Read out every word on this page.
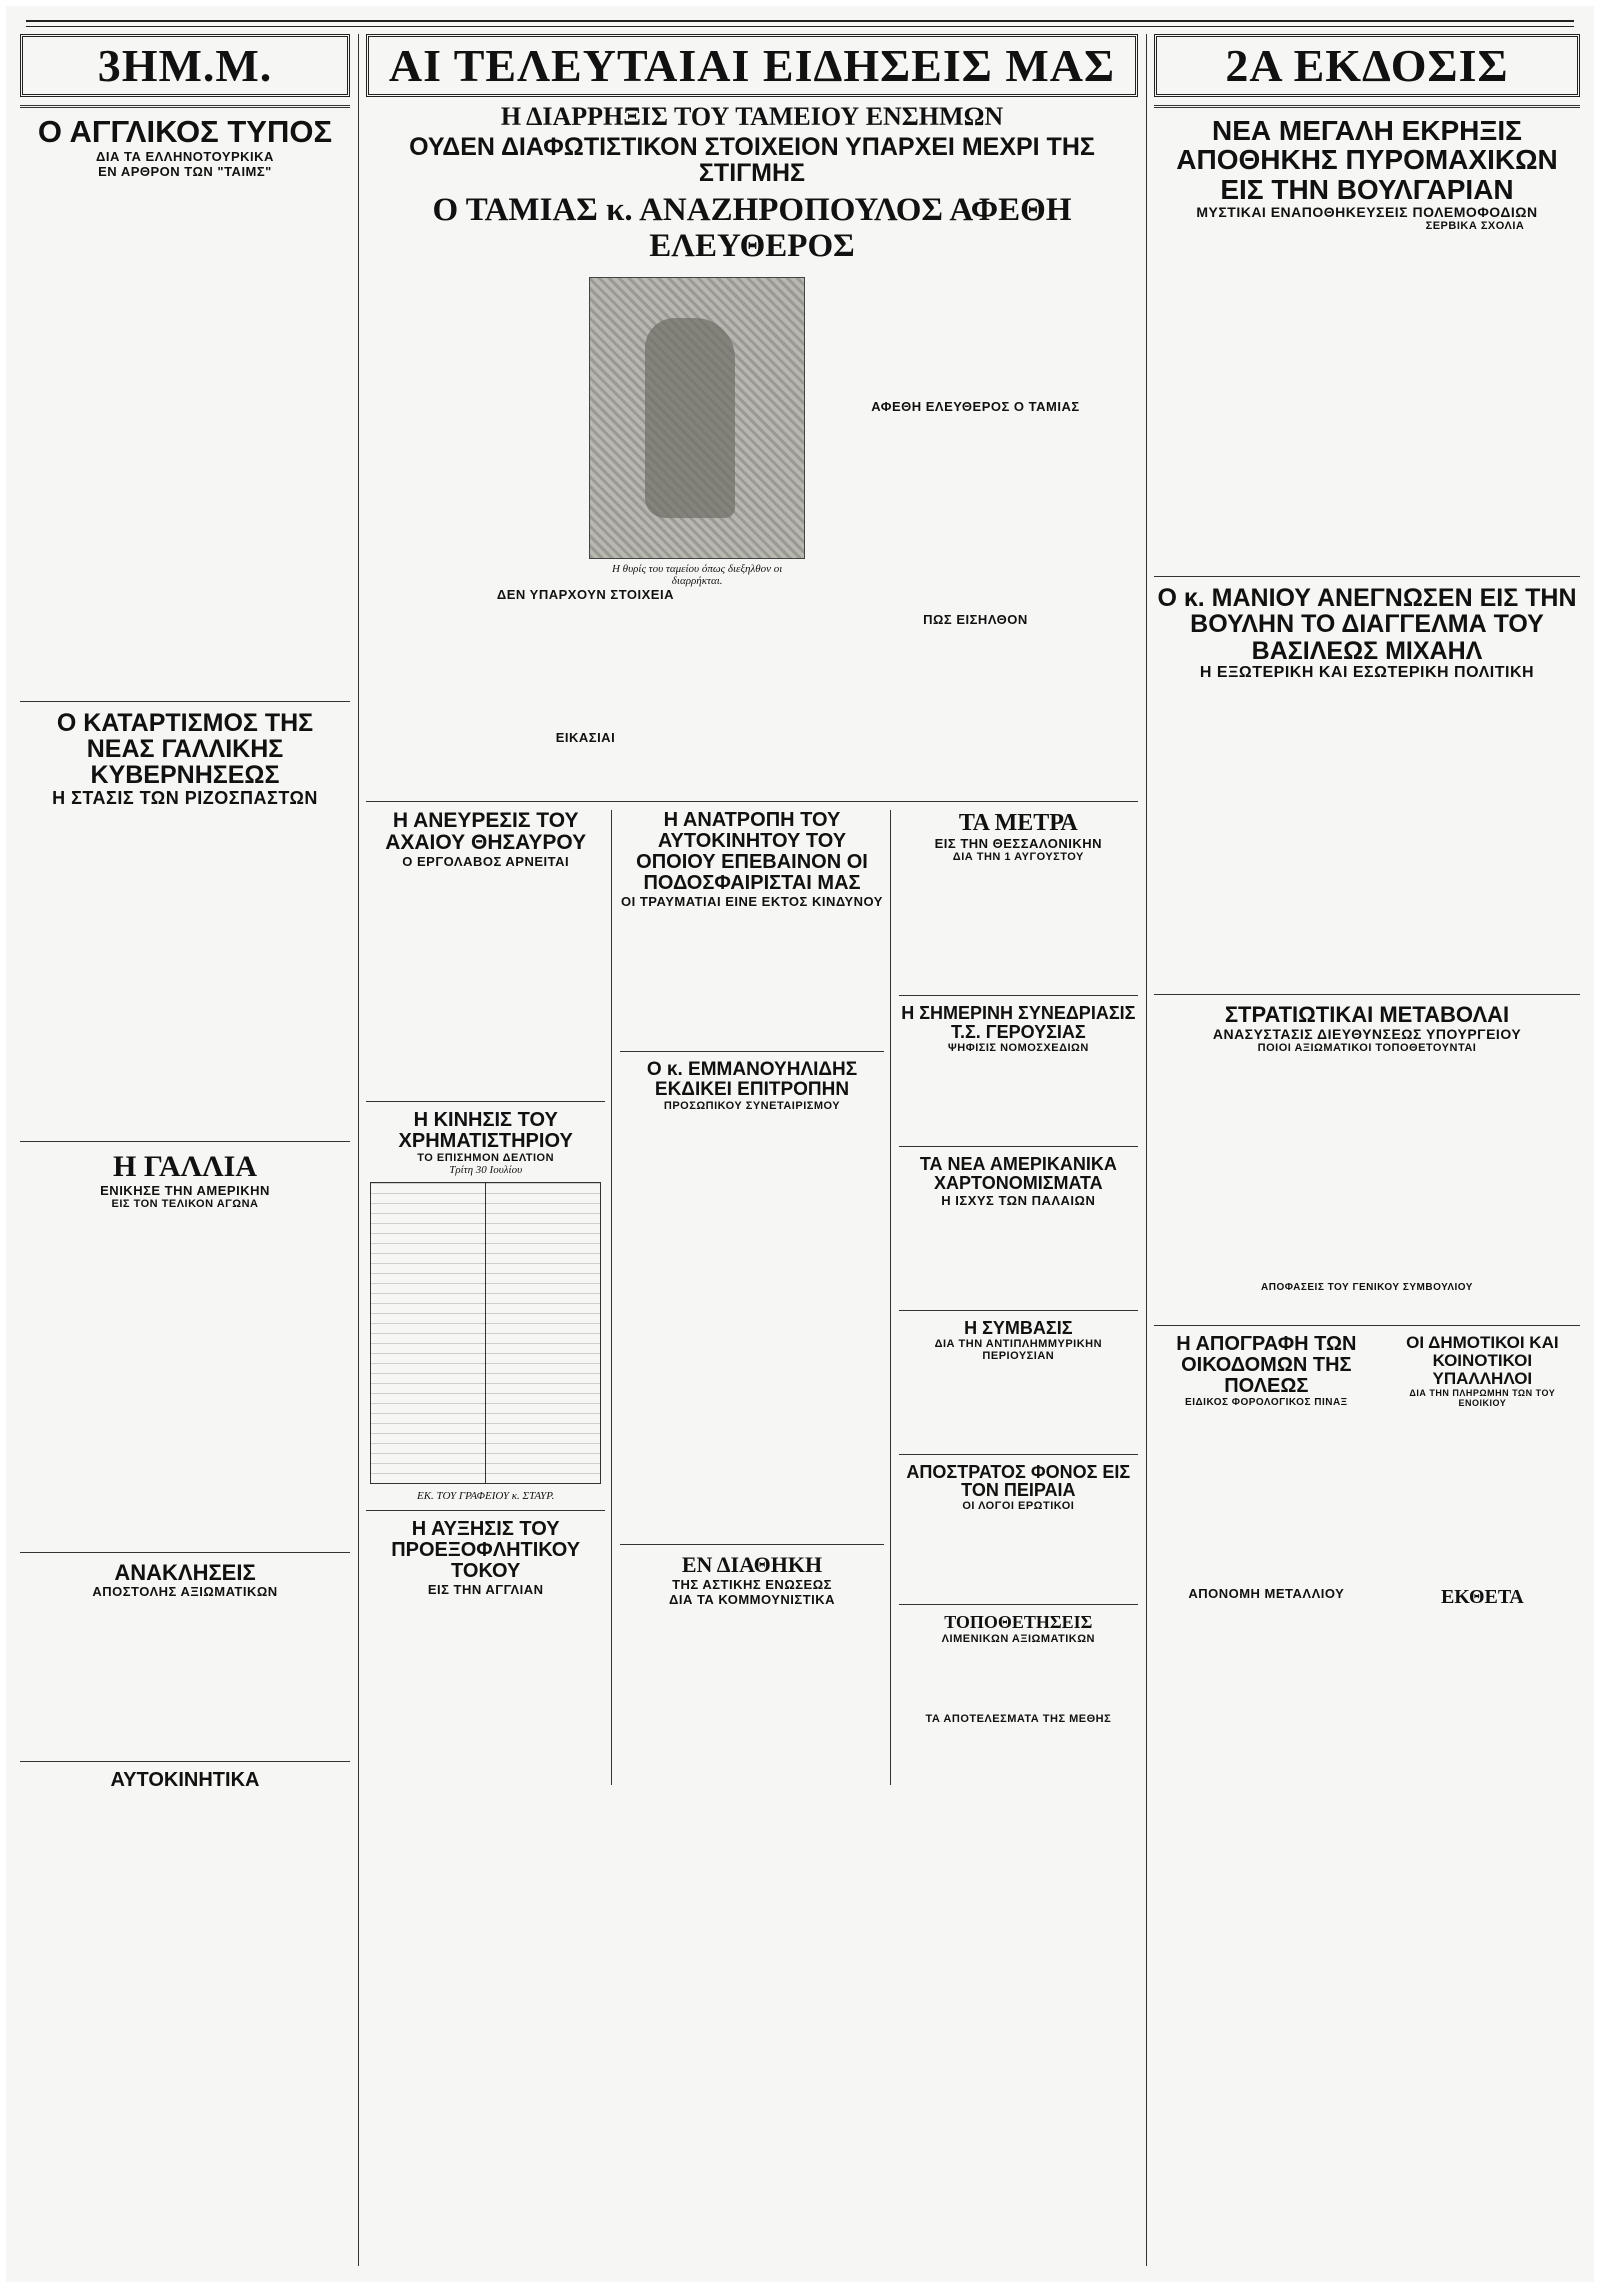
3ΗΜ.Μ.
Ο ΑΓΓΛΙΚΟΣ ΤΥΠΟΣ
ΔΙΑ ΤΑ ΕΛΛΗΝΟΤΟΥΡΚΙΚΑ
ΕΝ ΑΡΘΡΟΝ ΤΩΝ "ΤΑΙΜΣ"
Ο ΚΑΤΑΡΤΙΣΜΟΣ ΤΗΣ ΝΕΑΣ ΓΑΛΛΙΚΗΣ ΚΥΒΕΡΝΗΣΕΩΣ
Η ΣΤΑΣΙΣ ΤΩΝ ΡΙΖΟΣΠΑΣΤΩΝ
Η ΓΑΛΛΙΑ
ΕΝΙΚΗΣΕ ΤΗΝ ΑΜΕΡΙΚΗΝ
ΕΙΣ ΤΟΝ ΤΕΛΙΚΟΝ ΑΓΩΝΑ
ΑΝΑΚΛΗΣΕΙΣ
ΑΠΟΣΤΟΛΗΣ ΑΞΙΩΜΑΤΙΚΩΝ
ΑΥΤΟΚΙΝΗΤΙΚΑ
ΑΙ ΤΕΛΕΥΤΑΙΑΙ ΕΙΔΗΣΕΙΣ ΜΑΣ
Η ΔΙΑΡΡΗΞΙΣ ΤΟΥ ΤΑΜΕΙΟΥ ΕΝΣΗΜΩΝ
ΟΥΔΕΝ ΔΙΑΦΩΤΙΣΤΙΚΟΝ ΣΤΟΙΧΕΙΟΝ ΥΠΑΡΧΕΙ ΜΕΧΡΙ ΤΗΣ ΣΤΙΓΜΗΣ
Ο ΤΑΜΙΑΣ κ. ΑΝΑΖΗΡΟΠΟΥΛΟΣ ΑΦΕΘΗ ΕΛΕΥΘΕΡΟΣ
Η θυρίς του ταμείου όπως διεξηλθον οι διαρρήκται.
ΔΕΝ ΥΠΑΡΧΟΥΝ ΣΤΟΙΧΕΙΑ
ΕΙΚΑΣΙΑΙ
ΑΦΕΘΗ ΕΛΕΥΘΕΡΟΣ Ο ΤΑΜΙΑΣ
ΠΩΣ ΕΙΣΗΛΘΟΝ
Η ΑΝΕΥΡΕΣΙΣ ΤΟΥ ΑΧΑΙΟΥ ΘΗΣΑΥΡΟΥ
Ο ΕΡΓΟΛΑΒΟΣ ΑΡΝΕΙΤΑΙ
Η ΚΙΝΗΣΙΣ ΤΟΥ ΧΡΗΜΑΤΙΣΤΗΡΙΟΥ
ΤΟ ΕΠΙΣΗΜΟΝ ΔΕΛΤΙΟΝ
Τρίτη 30 Ιουλίου
ΕΚ. ΤΟΥ ΓΡΑΦΕΙΟΥ κ. ΣΤΑΥΡ.
Η ΑΥΞΗΣΙΣ ΤΟΥ ΠΡΟΕΞΟΦΛΗΤΙΚΟΥ ΤΟΚΟΥ
ΕΙΣ ΤΗΝ ΑΓΓΛΙΑΝ
Η ΑΝΑΤΡΟΠΗ ΤΟΥ ΑΥΤΟΚΙΝΗΤΟΥ ΤΟΥ ΟΠΟΙΟΥ ΕΠΕΒΑΙΝΟΝ ΟΙ ΠΟΔΟΣΦΑΙΡΙΣΤΑΙ ΜΑΣ
ΟΙ ΤΡΑΥΜΑΤΙΑΙ ΕΙΝΕ ΕΚΤΟΣ ΚΙΝΔΥΝΟΥ
Ο κ. ΕΜΜΑΝΟΥΗΛΙΔΗΣ ΕΚΔΙΚΕΙ ΕΠΙΤΡΟΠΗΝ
ΠΡΟΣΩΠΙΚΟΥ ΣΥΝΕΤΑΙΡΙΣΜΟΥ
ΕΝ ΔΙΑΘΗΚΗ
ΤΗΣ ΑΣΤΙΚΗΣ ΕΝΩΣΕΩΣ
ΔΙΑ ΤΑ ΚΟΜΜΟΥΝΙΣΤΙΚΑ
ΤΑ ΜΕΤΡΑ
ΕΙΣ ΤΗΝ ΘΕΣΣΑΛΟΝΙΚΗΝ
ΔΙΑ ΤΗΝ 1 ΑΥΓΟΥΣΤΟΥ
Η ΣΗΜΕΡΙΝΗ ΣΥΝΕΔΡΙΑΣΙΣ Τ.Σ. ΓΕΡΟΥΣΙΑΣ
ΨΗΦΙΣΙΣ ΝΟΜΟΣΧΕΔΙΩΝ
ΤΑ ΝΕΑ ΑΜΕΡΙΚΑΝΙΚΑ ΧΑΡΤΟΝΟΜΙΣΜΑΤΑ
Η ΙΣΧΥΣ ΤΩΝ ΠΑΛΑΙΩΝ
Η ΣΥΜΒΑΣΙΣ
ΔΙΑ ΤΗΝ ΑΝΤΙΠΛΗΜΜΥΡΙΚΗΝ ΠΕΡΙΟΥΣΙΑΝ
ΑΠΟΣΤΡΑΤΟΣ ΦΟΝΟΣ ΕΙΣ ΤΟΝ ΠΕΙΡΑΙΑ
ΟΙ ΛΟΓΟΙ ΕΡΩΤΙΚΟΙ
ΤΟΠΟΘΕΤΗΣΕΙΣ
ΛΙΜΕΝΙΚΩΝ ΑΞΙΩΜΑΤΙΚΩΝ
ΤΑ ΑΠΟΤΕΛΕΣΜΑΤΑ ΤΗΣ ΜΕΘΗΣ
2Α ΕΚΔΟΣΙΣ
ΝΕΑ ΜΕΓΑΛΗ ΕΚΡΗΞΙΣ ΑΠΟΘΗΚΗΣ ΠΥΡΟΜΑΧΙΚΩΝ ΕΙΣ ΤΗΝ ΒΟΥΛΓΑΡΙΑΝ
ΜΥΣΤΙΚΑΙ ΕΝΑΠΟΘΗΚΕΥΣΕΙΣ ΠΟΛΕΜΟΦΟΔΙΩΝ
ΣΕΡΒΙΚΑ ΣΧΟΛΙΑ
Ο κ. ΜΑΝΙΟΥ ΑΝΕΓΝΩΣΕΝ ΕΙΣ ΤΗΝ ΒΟΥΛΗΝ ΤΟ ΔΙΑΓΓΕΛΜΑ ΤΟΥ ΒΑΣΙΛΕΩΣ ΜΙΧΑΗΛ
Η ΕΞΩΤΕΡΙΚΗ ΚΑΙ ΕΣΩΤΕΡΙΚΗ ΠΟΛΙΤΙΚΗ
ΣΤΡΑΤΙΩΤΙΚΑΙ ΜΕΤΑΒΟΛΑΙ
ΑΝΑΣΥΣΤΑΣΙΣ ΔΙΕΥΘΥΝΣΕΩΣ ΥΠΟΥΡΓΕΙΟΥ
ΠΟΙΟΙ ΑΞΙΩΜΑΤΙΚΟΙ ΤΟΠΟΘΕΤΟΥΝΤΑΙ
ΑΠΟΦΑΣΕΙΣ ΤΟΥ ΓΕΝΙΚΟΥ ΣΥΜΒΟΥΛΙΟΥ
Η ΑΠΟΓΡΑΦΗ ΤΩΝ ΟΙΚΟΔΟΜΩΝ ΤΗΣ ΠΟΛΕΩΣ
ΕΙΔΙΚΟΣ ΦΟΡΟΛΟΓΙΚΟΣ ΠΙΝΑΞ
ΑΠΟΝΟΜΗ ΜΕΤΑΛΛΙΟΥ
ΟΙ ΔΗΜΟΤΙΚΟΙ ΚΑΙ ΚΟΙΝΟΤΙΚΟΙ ΥΠΑΛΛΗΛΟΙ
ΔΙΑ ΤΗΝ ΠΛΗΡΩΜΗΝ ΤΩΝ ΤΟΥ ΕΝΟΙΚΙΟΥ
ΕΚΘΕΤΑ
